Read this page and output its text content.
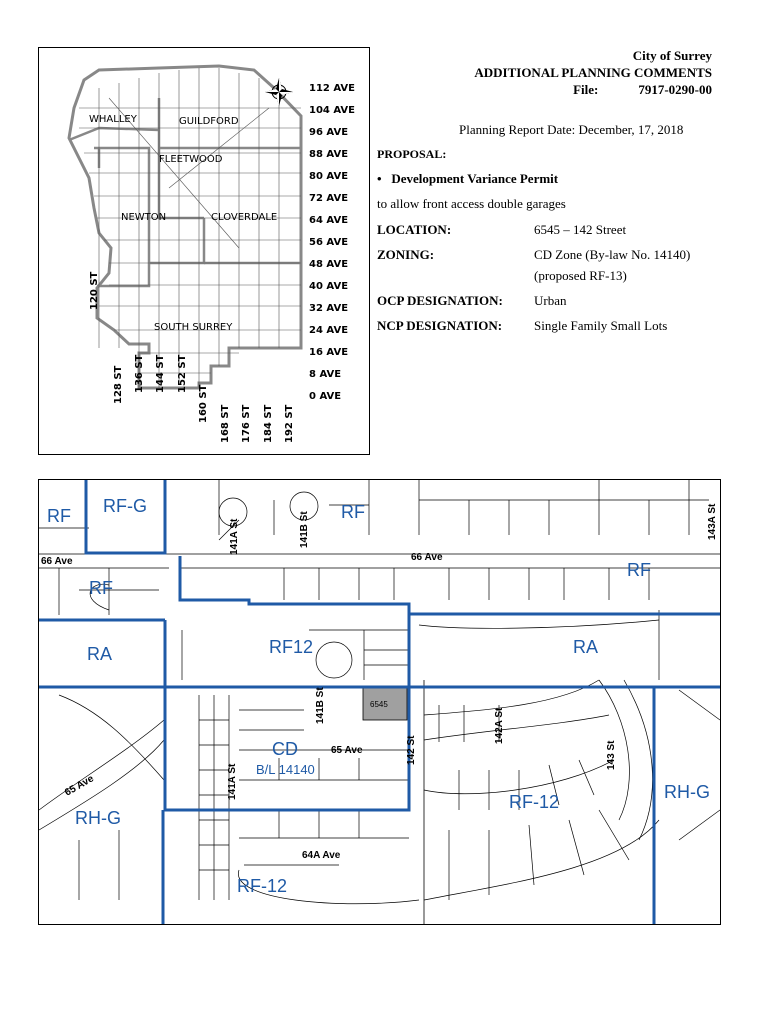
WHALLEY	GUILDFORD
FLEETWOOD
NEWTON	CLOVERDALE
SOUTH SURREY
112 AVE
104 AVE
96 AVE
88 AVE
80 AVE
72 AVE
64 AVE
56 AVE
48 AVE
40 AVE
32 AVE
24 AVE
16 AVE
8 AVE
0 AVE
120 ST
128 ST 136 ST 144 ST 152 ST
160 ST
168 ST 176 ST 184 ST 192 ST
City of Surrey
ADDITIONAL PLANNING COMMENTS
File:	7917-0290-00
Planning Report Date: December, 17, 2018
PROPOSAL:
• Development Variance Permit
to allow front access double garages
LOCATION:	6545 – 142 Street
ZONING:	CD Zone (By-law No. 14140)
(proposed RF-13)
OCP DESIGNATION: Urban
NCP DESIGNATION: Single Family Small Lots
6545
RF RF-G	RF
RF
RF
RA	RA
RF12
CD
B/L 14140
RF-12	RH-G
RH-G
RF-12
66 Ave	66 Ave
141A St	141B St	143A St
141B St
142A St
143 St
65 Ave	142 St
141A St
65 Ave
64A Ave
